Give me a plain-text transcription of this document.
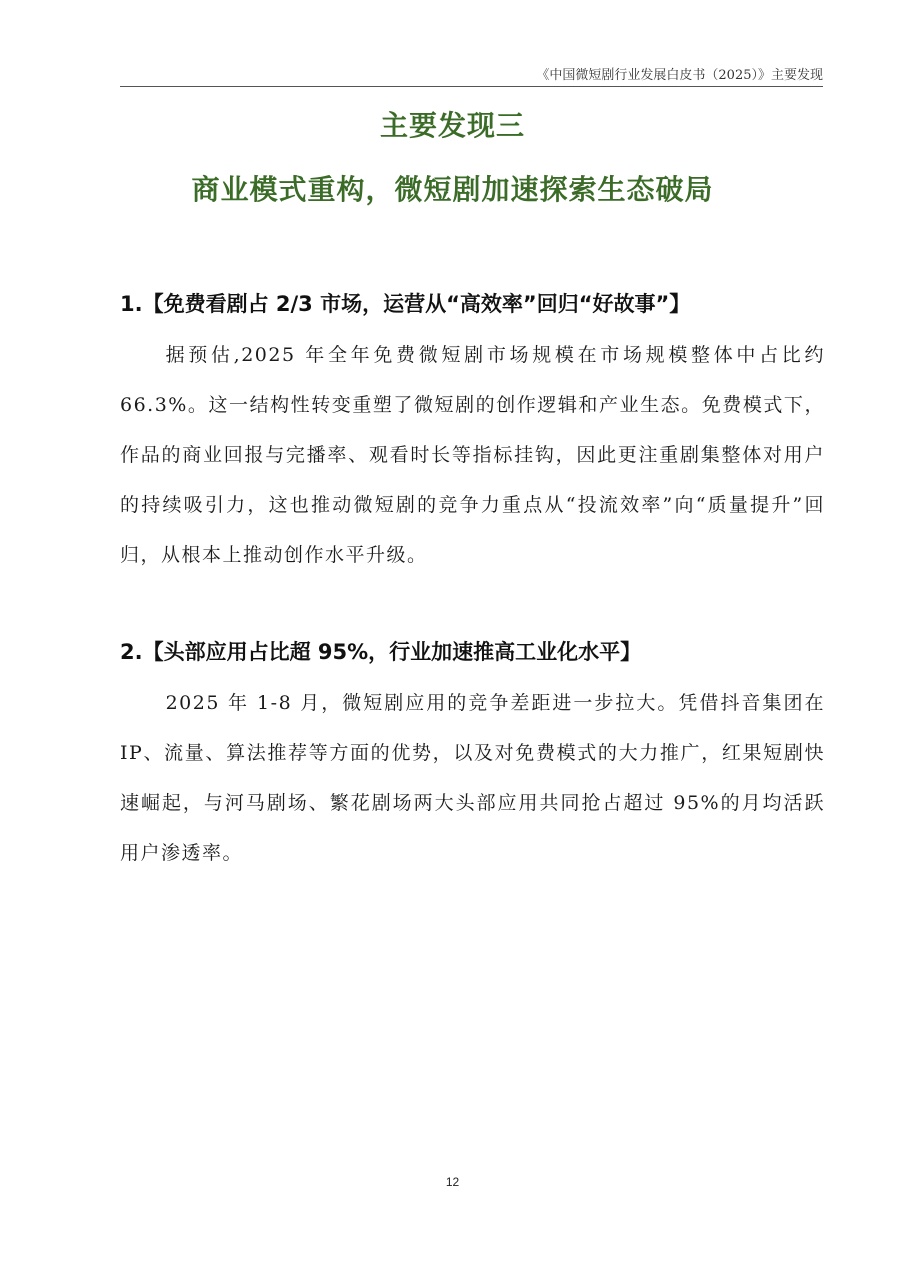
《中国微短剧行业发展白皮书（2025）》主要发现
主要发现三
商业模式重构，微短剧加速探索生态破局
1.【免费看剧占 2/3 市场，运营从“高效率”回归“好故事”】
据预估,2025 年全年免费微短剧市场规模在市场规模整体中占比约 66.3%。这一结构性转变重塑了微短剧的创作逻辑和产业生态。免费模式下，作品的商业回报与完播率、观看时长等指标挂钩，因此更注重剧集整体对用户的持续吸引力，这也推动微短剧的竞争力重点从“投流效率”向“质量提升”回归，从根本上推动创作水平升级。
2.【头部应用占比超 95%，行业加速推高工业化水平】
2025 年 1-8 月，微短剧应用的竞争差距进一步拉大。凭借抖音集团在 IP、流量、算法推荐等方面的优势，以及对免费模式的大力推广，红果短剧快速崛起，与河马剧场、繁花剧场两大头部应用共同抢占超过 95%的月均活跃用户渗透率。
12
